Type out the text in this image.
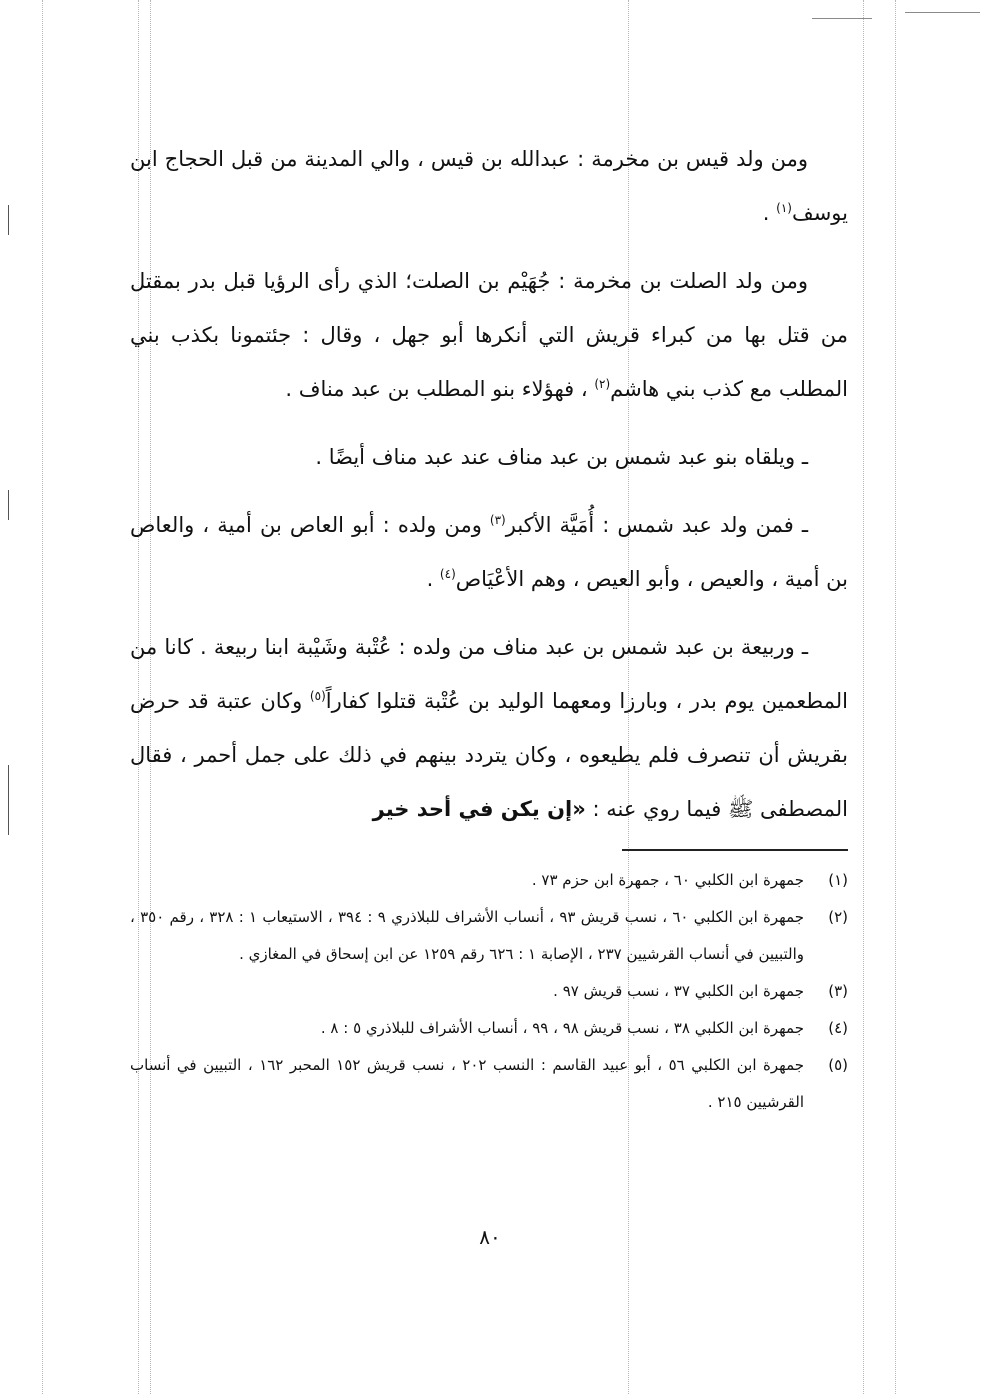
ومن ولد قيس بن مخرمة : عبدالله بن قيس ، والي المدينة من قبل الحجاج ابن يوسف$^{(١)}$ .

ومن ولد الصلت بن مخرمة : جُهَيْم بن الصلت؛ الذي رأى الرؤيا قبل بدر بمقتل من قتل بها من كبراء قريش التي أنكرها أبو جهل ، وقال : جئتمونا بكذب بني المطلب مع كذب بني هاشم$^{(٢)}$ ، فهؤلاء بنو المطلب بن عبد مناف .

ـ ويلقاه بنو عبد شمس بن عبد مناف عند عبد مناف أيضًا .

ـ فمن ولد عبد شمس : أُمَيَّة الأكبر$^{(٣)}$ ومن ولده : أبو العاص بن أمية ، والعاص بن أمية ، والعيص ، وأبو العيص ، وهم الأعْيَاص$^{(٤)}$ .

ـ وربيعة بن عبد شمس بن عبد مناف من ولده : عُتْبة وشَيْبة ابنا ربيعة . كانا من المطعمين يوم بدر ، وبارزا ومعهما الوليد بن عُتْبة قتلوا كفاراً$^{(٥)}$ وكان عتبة قد حرض بقريش أن تنصرف فلم يطيعوه ، وكان يتردد بينهم في ذلك على جمل أحمر ، فقال المصطفى ﷺ فيما روي عنه : «إن يكن في أحد خير

(١)
جمهرة ابن الكلبي ٦٠ ، جمهرة ابن حزم ٧٣ .
(٢)
جمهرة ابن الكلبي ٦٠ ، نسب قريش ٩٣ ، أنساب الأشراف للبلاذري ٩ : ٣٩٤ ، الاستيعاب ١ : ٣٢٨ ، رقم ٣٥٠ ، والتبيين في أنساب القرشيين ٢٣٧ ، الإصابة ١ : ٦٢٦ رقم ١٢٥٩ عن ابن إسحاق في المغازي .
(٣)
جمهرة ابن الكلبي ٣٧ ، نسب قريش ٩٧ .
(٤)
جمهرة ابن الكلبي ٣٨ ، نسب قريش ٩٨ ، ٩٩ ، أنساب الأشراف للبلاذري ٥ : ٨ .
(٥)
جمهرة ابن الكلبي ٥٦ ، أبو عبيد القاسم : النسب ٢٠٢ ، نسب قريش ١٥٢ المحبر ١٦٢ ، التبيين في أنساب القرشيين ٢١٥ .
٨٠
